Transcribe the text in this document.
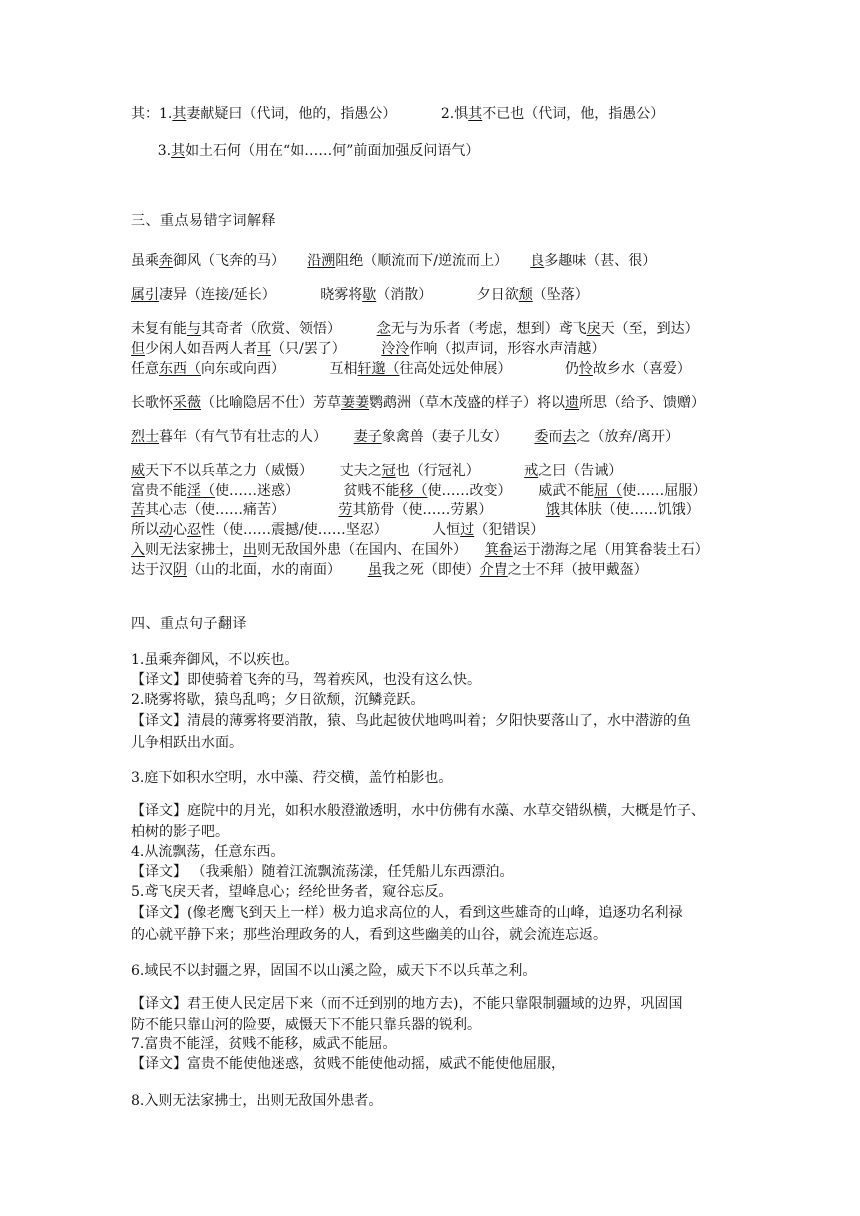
其：1.其妻献疑曰（代词，他的，指愚公）	2.惧其不已也（代词，他，指愚公）
3.其如土石何（用在“如……何”前面加强反问语气）
三、重点易错字词解释
虽乘奔御风（飞奔的马）     沿溯阻绝（顺流而下/逆流而上）     良多趣味（甚、很）
属引凄异（连接/延长）          晓雾将歇（消散）          夕日欲颓（坠落）
未复有能与其奇者（欣赏、领悟）        念无与为乐者（考虑，想到）鸢飞戾天（至，到达）
但少闲人如吾两人者耳（只/罢了）        泠泠作响（拟声词，形容水声清越）
任意东西（向东或向西）          互相轩邈（往高处远处伸展）            仍怜故乡水（喜爱）
长歌怀采薇（比喻隐居不仕）芳草萋萋鹦鹉洲（草木茂盛的样子）将以遗所思（给予、馈赠）
烈士暮年（有气节有壮志的人）      妻子象禽兽（妻子儿女）      委而去之（放弃/离开）
威天下不以兵革之力（威慑）      丈夫之冠也（行冠礼）          戒之曰（告诫）
富贵不能淫（使……迷惑）          贫贱不能移（使……改变）      威武不能屈（使……屈服）
苦其心志（使……痛苦）            劳其筋骨（使……劳累）            饿其体肤（使……饥饿）
所以动心忍性（使……震撼/使……坚忍）          人恒过（犯错误）
入则无法家拂士，出则无敌国外患（在国内、在国外）    箕畚运于渤海之尾（用箕畚装土石）
达于汉阴（山的北面，水的南面）      虽我之死（即使）介胄之士不拜（披甲戴盔）
四、重点句子翻译
1.虽乘奔御风，不以疾也。
【译文】即使骑着飞奔的马，驾着疾风，也没有这么快。
2.晓雾将歇，猿鸟乱鸣；夕日欲颓，沉鳞竞跃。
【译文】清晨的薄雾将要消散，猿、鸟此起彼伏地鸣叫着；夕阳快要落山了，水中潜游的鱼
儿争相跃出水面。
3.庭下如积水空明，水中藻、荇交横，盖竹柏影也。
【译文】庭院中的月光，如积水般澄澈透明，水中仿佛有水藻、水草交错纵横，大概是竹子、
柏树的影子吧。
4.从流飘荡，任意东西。
【译文】 （我乘船）随着江流飘流荡漾，任凭船儿东西漂泊。
5.鸢飞戾天者，望峰息心；经纶世务者，窥谷忘反。
【译文】(像老鹰飞到天上一样）极力追求高位的人，看到这些雄奇的山峰，追逐功名利禄
的心就平静下来；那些治理政务的人，看到这些幽美的山谷，就会流连忘返。
6.域民不以封疆之界，固国不以山溪之险，威天下不以兵革之利。
【译文】君王使人民定居下来（而不迁到别的地方去)，不能只靠限制疆域的边界，巩固国
防不能只靠山河的险要，威慑天下不能只靠兵器的锐利。
7.富贵不能淫，贫贱不能移，威武不能屈。
【译文】富贵不能使他迷惑，贫贱不能使他动摇，威武不能使他屈服，
8.入则无法家拂士，出则无敌国外患者。
